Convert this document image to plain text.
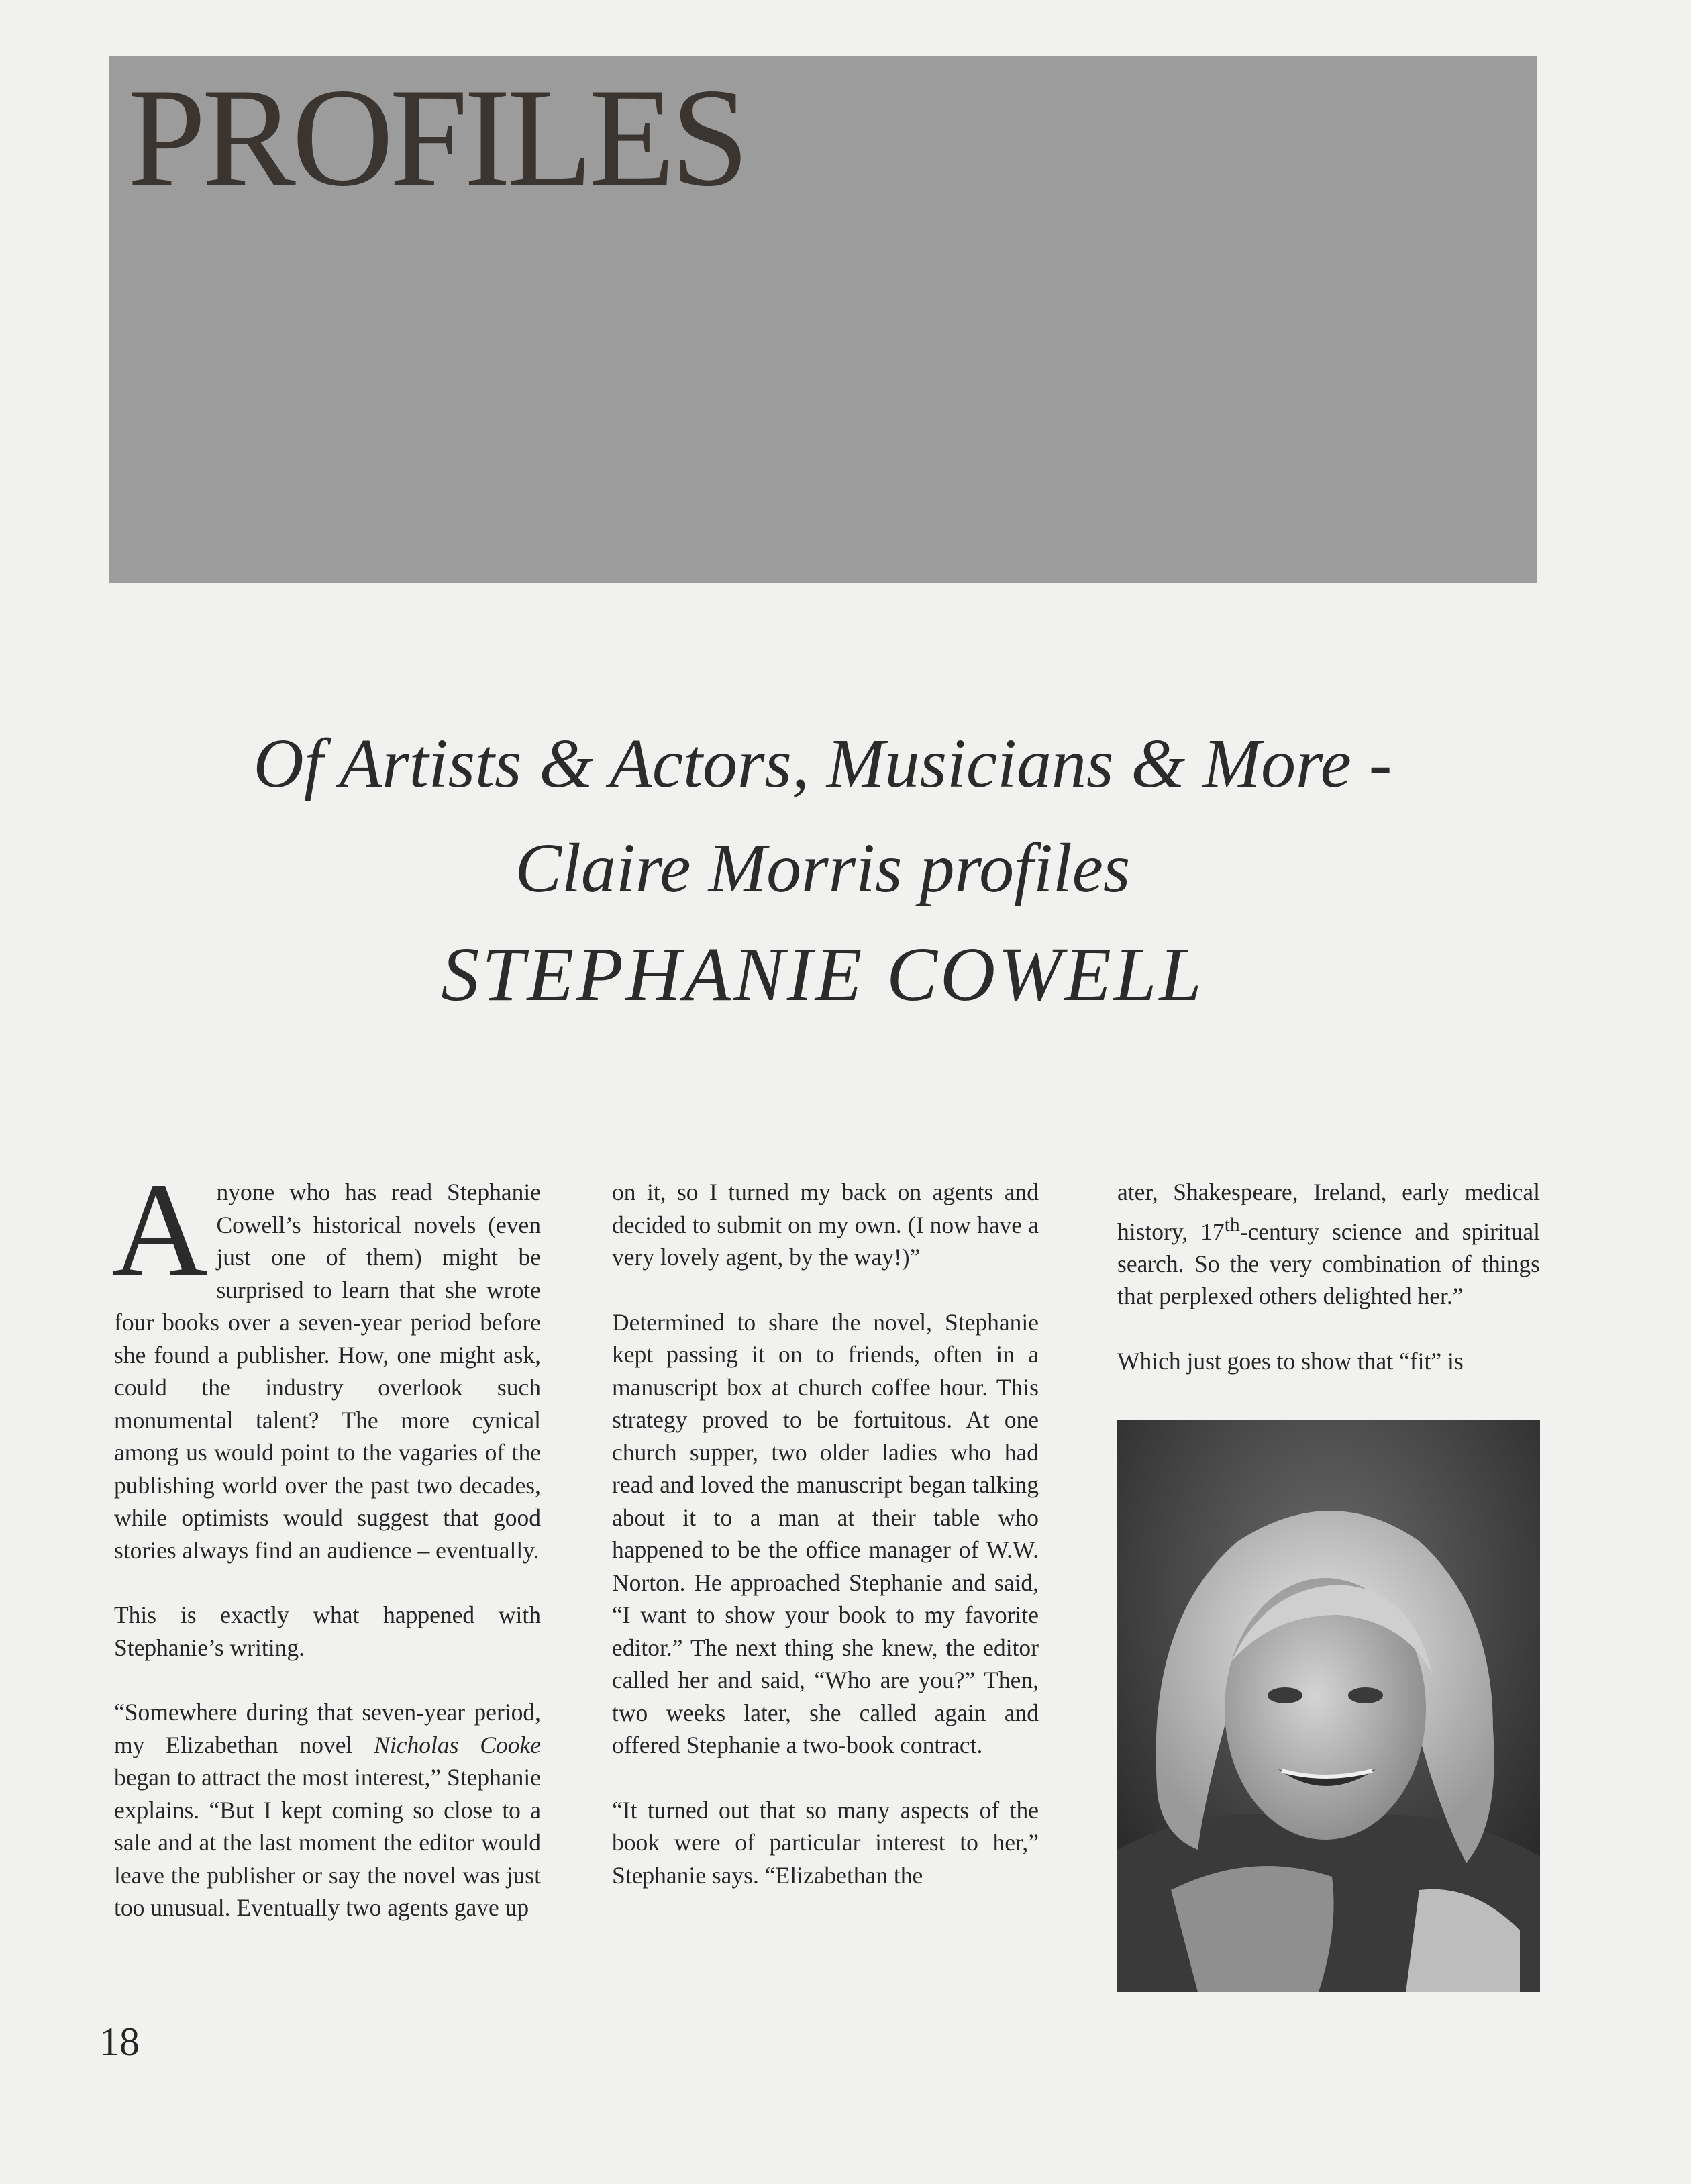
PROFILES
Of Artists & Actors, Musicians & More -
Claire Morris profiles
STEPHANIE COWELL

Anyone who has read Stephanie Cowell’s historical novels (even just one of them) might be surprised to learn that she wrote four books over a seven-year period before she found a publisher. How, one might ask, could the industry overlook such monumental talent? The more cynical among us would point to the vagaries of the publishing world over the past two decades, while optimists would suggest that good stories always find an audience – eventually.

This is exactly what happened with Stephanie’s writing.

“Somewhere during that seven-year period, my Elizabethan novel Nicholas Cooke began to attract the most interest,” Stephanie explains. “But I kept coming so close to a sale and at the last moment the editor would leave the publisher or say the novel was just too unusual. Eventually two agents gave up

on it, so I turned my back on agents and decided to submit on my own. (I now have a very lovely agent, by the way!)”

Determined to share the novel, Stephanie kept passing it on to friends, often in a manuscript box at church coffee hour. This strategy proved to be fortuitous. At one church supper, two older ladies who had read and loved the manuscript began talking about it to a man at their table who happened to be the office manager of W.W. Norton. He approached Stephanie and said, “I want to show your book to my favorite editor.” The next thing she knew, the editor called her and said, “Who are you?” Then, two weeks later, she called again and offered Stephanie a two-book contract.

“It turned out that so many aspects of the book were of particular interest to her,” Stephanie says. “Elizabethan the

ater, Shakespeare, Ireland, early medical history, 17th-century science and spiritual search. So the very combination of things that perplexed others delighted her.”

Which just goes to show that “fit” is

18
